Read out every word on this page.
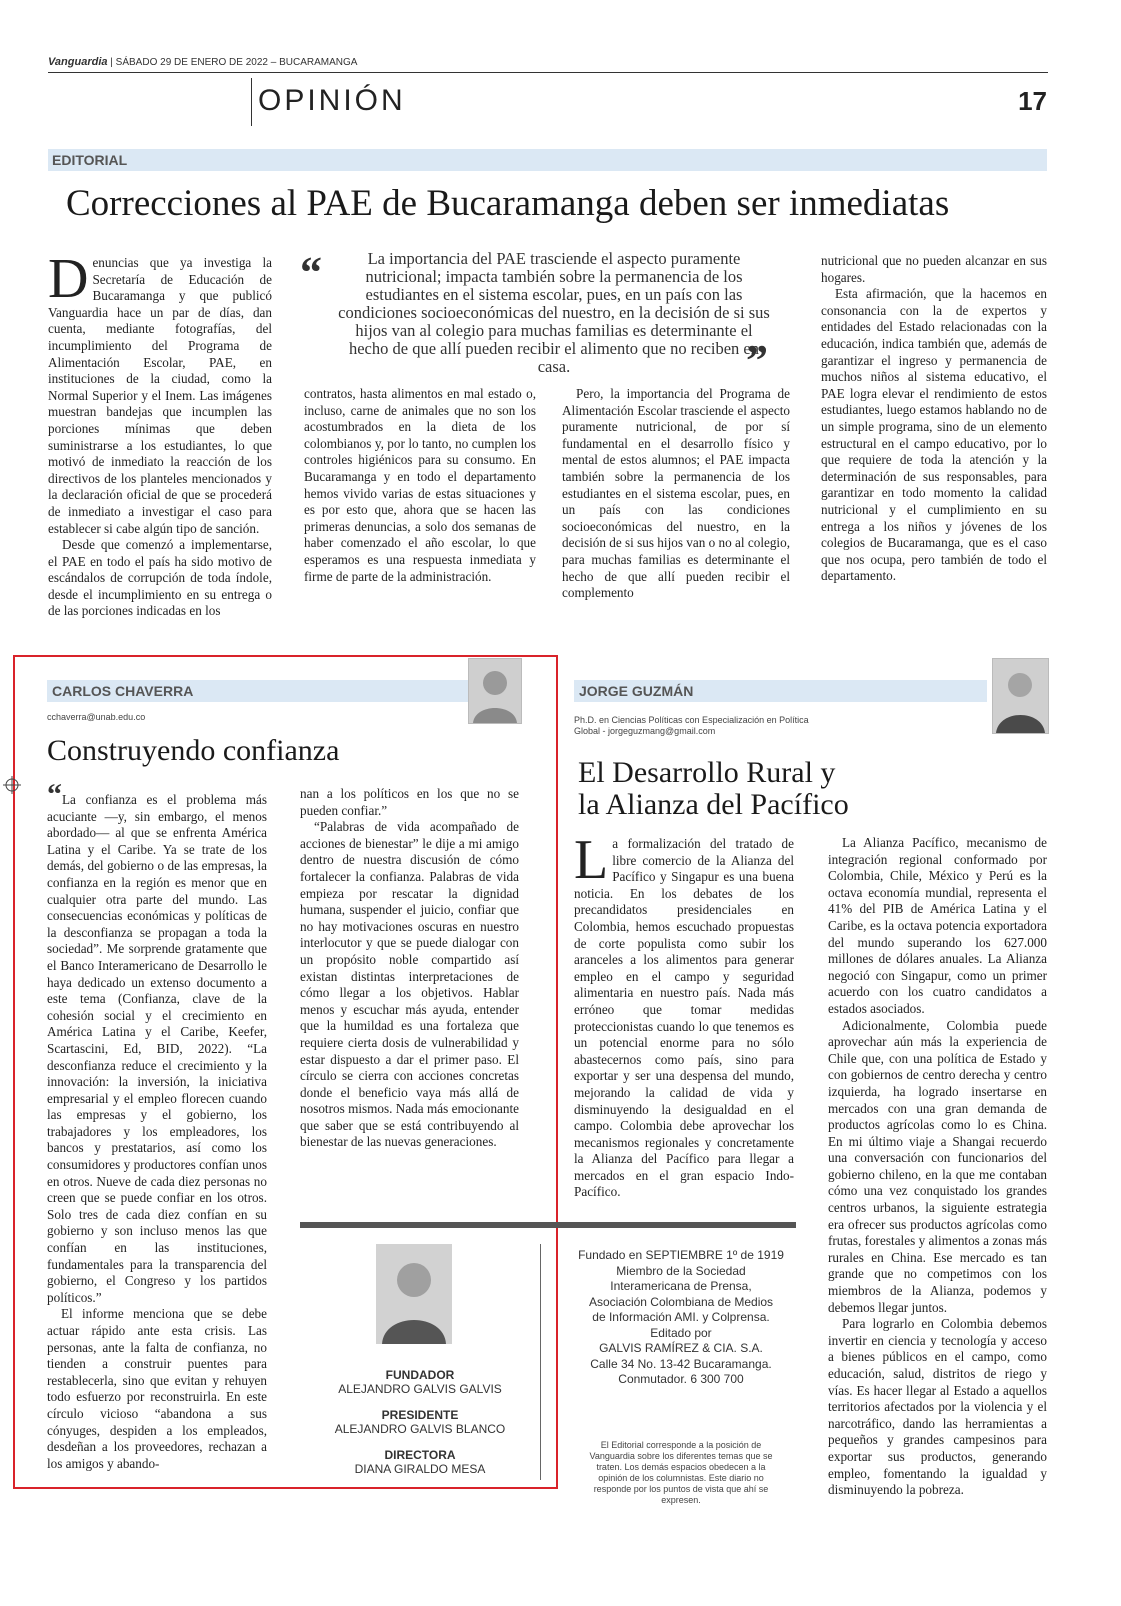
Vanguardia | SÁBADO 29 DE ENERO DE 2022 – BUCARAMANGA
OPINIÓN	17
EDITORIAL
Correcciones al PAE de Bucaramanga deben ser inmediatas

Denuncias que ya investiga la Secretaría de Educación de Bucaramanga y que publicó Vanguardia hace un par de días, dan cuenta, mediante fotografías, del incumplimiento del Programa de Alimentación Escolar, PAE, en instituciones de la ciudad, como la Normal Superior y el Inem. Las imágenes muestran bandejas que incumplen las porciones mínimas que deben suministrarse a los estudiantes, lo que motivó de inmediato la reacción de los directivos de los planteles mencionados y la declaración oficial de que se procederá de inmediato a investigar el caso para establecer si cabe algún tipo de sanción.

Desde que comenzó a implementarse, el PAE en todo el país ha sido motivo de escándalos de corrupción de toda índole, desde el incumplimiento en su entrega o de las porciones indicadas en los

“	La importancia del PAE trasciende el aspecto puramente nutricional; impacta también sobre la permanencia de los estudiantes en el sistema escolar, pues, en un país con las condiciones socioeconómicas del nuestro, en la decisión de si sus hijos van al colegio para muchas familias es determinante el hecho de que allí pueden recibir el alimento que no reciben en casa.	”

contratos, hasta alimentos en mal estado o, incluso, carne de animales que no son los acostumbrados en la dieta de los colombianos y, por lo tanto, no cumplen los controles higiénicos para su consumo. En Bucaramanga y en todo el departamento hemos vivido varias de estas situaciones y es por esto que, ahora que se hacen las primeras denuncias, a solo dos semanas de haber comenzado el año escolar, lo que esperamos es una respuesta inmediata y firme de parte de la administración.

Pero, la importancia del Programa de Alimentación Escolar trasciende el aspecto puramente nutricional, de por sí fundamental en el desarrollo físico y mental de estos alumnos; el PAE impacta también sobre la permanencia de los estudiantes en el sistema escolar, pues, en un país con las condiciones socioeconómicas del nuestro, en la decisión de si sus hijos van o no al colegio, para muchas familias es determinante el hecho de que allí pueden recibir el complemento

nutricional que no pueden alcanzar en sus hogares.

Esta afirmación, que la hacemos en consonancia con la de expertos y entidades del Estado relacionadas con la educación, indica también que, además de garantizar el ingreso y permanencia de muchos niños al sistema educativo, el PAE logra elevar el rendimiento de estos estudiantes, luego estamos hablando no de un simple programa, sino de un elemento estructural en el campo educativo, por lo que requiere de toda la atención y la determinación de sus responsables, para garantizar en todo momento la calidad nutricional y el cumplimiento en su entrega a los niños y jóvenes de los colegios de Bucaramanga, que es el caso que nos ocupa, pero también de todo el departamento.

CARLOS CHAVERRA
cchaverra@unab.edu.co
Construyendo confianza

“La confianza es el problema más acuciante —y, sin embargo, el menos abordado— al que se enfrenta América Latina y el Caribe. Ya se trate de los demás, del gobierno o de las empresas, la confianza en la región es menor que en cualquier otra parte del mundo. Las consecuencias económicas y políticas de la desconfianza se propagan a toda la sociedad”. Me sorprende gratamente que el Banco Interamericano de Desarrollo le haya dedicado un extenso documento a este tema (Confianza, clave de la cohesión social y el crecimiento en América Latina y el Caribe, Keefer, Scartascini, Ed, BID, 2022). “La desconfianza reduce el crecimiento y la innovación: la inversión, la iniciativa empresarial y el empleo florecen cuando las empresas y el gobierno, los trabajadores y los empleadores, los bancos y prestatarios, así como los consumidores y productores confían unos en otros. Nueve de cada diez personas no creen que se puede confiar en los otros. Solo tres de cada diez confían en su gobierno y son incluso menos las que confían en las instituciones, fundamentales para la transparencia del gobierno, el Congreso y los partidos políticos.”

El informe menciona que se debe actuar rápido ante esta crisis. Las personas, ante la falta de confianza, no tienden a construir puentes para restablecerla, sino que evitan y rehuyen todo esfuerzo por reconstruirla. En este círculo vicioso “abandona a sus cónyuges, despiden a los empleados, desdeñan a los proveedores, rechazan a los amigos y abando-

nan a los políticos en los que no se pueden confiar.”

“Palabras de vida acompañado de acciones de bienestar” le dije a mi amigo dentro de nuestra discusión de cómo fortalecer la confianza. Palabras de vida empieza por rescatar la dignidad humana, suspender el juicio, confiar que no hay motivaciones oscuras en nuestro interlocutor y que se puede dialogar con un propósito noble compartido así existan distintas interpretaciones de cómo llegar a los objetivos. Hablar menos y escuchar más ayuda, entender que la humildad es una fortaleza que requiere cierta dosis de vulnerabilidad y estar dispuesto a dar el primer paso. El círculo se cierra con acciones concretas donde el beneficio vaya más allá de nosotros mismos. Nada más emocionante que saber que se está contribuyendo al bienestar de las nuevas generaciones.

FUNDADOR
ALEJANDRO GALVIS GALVIS
PRESIDENTE
ALEJANDRO GALVIS BLANCO
DIRECTORA
DIANA GIRALDO MESA
Fundado en SEPTIEMBRE 1º de 1919
Miembro de la Sociedad
Interamericana de Prensa,
Asociación Colombiana de Medios
de Información AMI. y Colprensa.
Editado por
GALVIS RAMÍREZ & CIA. S.A.
Calle 34 No. 13-42 Bucaramanga.
Conmutador. 6 300 700
El Editorial corresponde a la posición de Vanguardia sobre los diferentes temas que se traten. Los demás espacios obedecen a la opinión de los columnistas. Este diario no responde por los puntos de vista que ahí se expresen.
JORGE GUZMÁN
Ph.D. en Ciencias Políticas con Especialización en Política Global - jorgeguzmang@gmail.com
El Desarrollo Rural y
la Alianza del Pacífico

La formalización del tratado de libre comercio de la Alianza del Pacífico y Singapur es una buena noticia. En los debates de los precandidatos presidenciales en Colombia, hemos escuchado propuestas de corte populista como subir los aranceles a los alimentos para generar empleo en el campo y seguridad alimentaria en nuestro país. Nada más erróneo que tomar medidas proteccionistas cuando lo que tenemos es un potencial enorme para no sólo abastecernos como país, sino para exportar y ser una despensa del mundo, mejorando la calidad de vida y disminuyendo la desigualdad en el campo. Colombia debe aprovechar los mecanismos regionales y concretamente la Alianza del Pacífico para llegar a mercados en el gran espacio Indo-Pacífico.

La Alianza Pacífico, mecanismo de integración regional conformado por Colombia, Chile, México y Perú es la octava economía mundial, representa el 41% del PIB de América Latina y el Caribe, es la octava potencia exportadora del mundo superando los 627.000 millones de dólares anuales. La Alianza negoció con Singapur, como un primer acuerdo con los cuatro candidatos a estados asociados.

Adicionalmente, Colombia puede aprovechar aún más la experiencia de Chile que, con una política de Estado y con gobiernos de centro derecha y centro izquierda, ha logrado insertarse en mercados con una gran demanda de productos agrícolas como lo es China. En mi último viaje a Shangai recuerdo una conversación con funcionarios del gobierno chileno, en la que me contaban cómo una vez conquistado los grandes centros urbanos, la siguiente estrategia era ofrecer sus productos agrícolas como frutas, forestales y alimentos a zonas más rurales en China. Ese mercado es tan grande que no competimos con los miembros de la Alianza, podemos y debemos llegar juntos.

Para lograrlo en Colombia debemos invertir en ciencia y tecnología y acceso a bienes públicos en el campo, como educación, salud, distritos de riego y vías. Es hacer llegar al Estado a aquellos territorios afectados por la violencia y el narcotráfico, dando las herramientas a pequeños y grandes campesinos para exportar sus productos, generando empleo, fomentando la igualdad y disminuyendo la pobreza.
